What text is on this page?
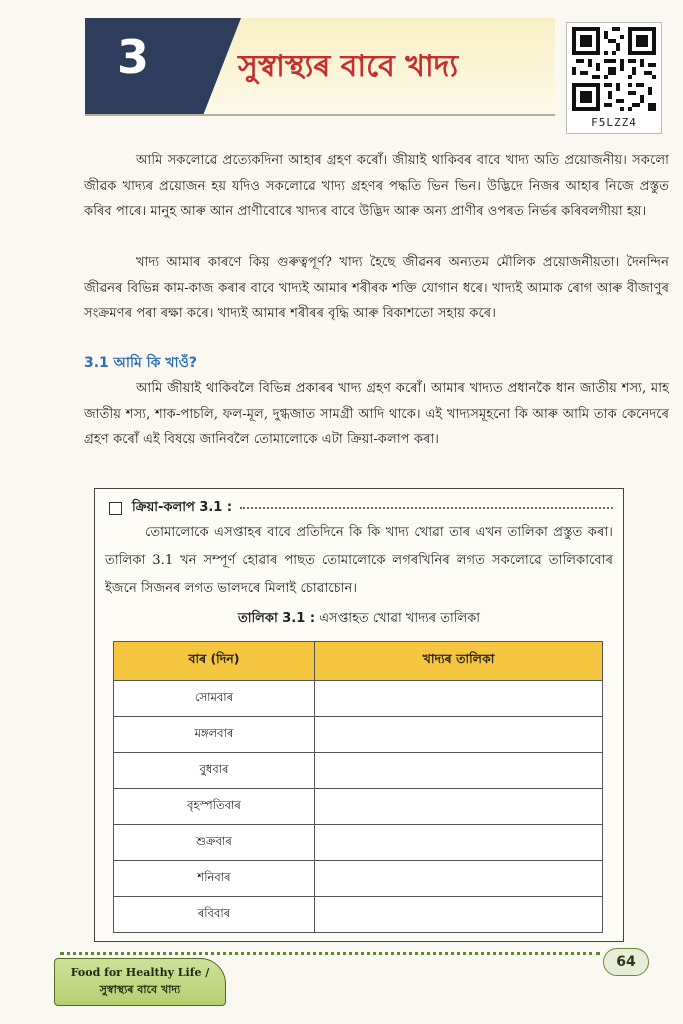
3	সুস্বাস্থ্যৰ বাবে খাদ্য
F5LZZ4

আমি সকলোৱে প্ৰত্যেকদিনা আহাৰ গ্ৰহণ কৰোঁ। জীয়াই থাকিবৰ বাবে খাদ্য অতি প্ৰয়োজনীয়। সকলো জীৱক খাদ্যৰ প্ৰয়োজন হয় যদিও সকলোৱে খাদ্য গ্ৰহণৰ পদ্ধতি ভিন ভিন। উদ্ভিদে নিজৰ আহাৰ নিজে প্ৰস্তুত কৰিব পাৰে। মানুহ আৰু আন প্ৰাণীবোৰে খাদ্যৰ বাবে উদ্ভিদ আৰু অন্য প্ৰাণীৰ ওপৰত নিৰ্ভৰ কৰিবলগীয়া হয়।

খাদ্য আমাৰ কাৰণে কিয় গুৰুত্বপূৰ্ণ? খাদ্য হৈছে জীৱনৰ অন্যতম মৌলিক প্ৰয়োজনীয়তা। দৈনন্দিন জীৱনৰ বিভিন্ন কাম-কাজ কৰাৰ বাবে খাদ্যই আমাৰ শৰীৰক শক্তি যোগান ধৰে। খাদ্যই আমাক ৰোগ আৰু বীজাণুৰ সংক্ৰমণৰ পৰা ৰক্ষা কৰে। খাদ্যই আমাৰ শৰীৰৰ বৃদ্ধি আৰু বিকাশতো সহায় কৰে।

3.1 আমি কি খাওঁ?

আমি জীয়াই থাকিবলৈ বিভিন্ন প্ৰকাৰৰ খাদ্য গ্ৰহণ কৰোঁ। আমাৰ খাদ্যত প্ৰধানকৈ ধান জাতীয় শস্য, মাহ জাতীয় শস্য, শাক-পাচলি, ফল-মূল, দুগ্ধজাত সামগ্ৰী আদি থাকে। এই খাদ্যসমূহনো কি আৰু আমি তাক কেনেদৰে গ্ৰহণ কৰোঁ এই বিষয়ে জানিবলৈ তোমালোকে এটা ক্ৰিয়া-কলাপ কৰা।

ক্ৰিয়া-কলাপ 3.1 :

তোমালোকে এসপ্তাহৰ বাবে প্ৰতিদিনে কি কি খাদ্য খোৱা তাৰ এখন তালিকা প্ৰস্তুত কৰা। তালিকা 3.1 খন সম্পূৰ্ণ হোৱাৰ পাছত তোমালোকে লগৰখিনিৰ লগত সকলোৱে তালিকাবোৰ ইজনে সিজনৰ লগত ভালদৰে মিলাই চোৱাচোন।

তালিকা 3.1 : এসপ্তাহত খোৱা খাদ্যৰ তালিকা
বাৰ (দিন)	খাদ্যৰ তালিকা
সোমবাৰ	
মঙ্গলবাৰ	
বুধবাৰ	
বৃহস্পতিবাৰ	
শুক্ৰবাৰ	
শনিবাৰ	
ৰবিবাৰ	
Food for Healthy Life /
সুস্বাস্থ্যৰ বাবে খাদ্য
64
